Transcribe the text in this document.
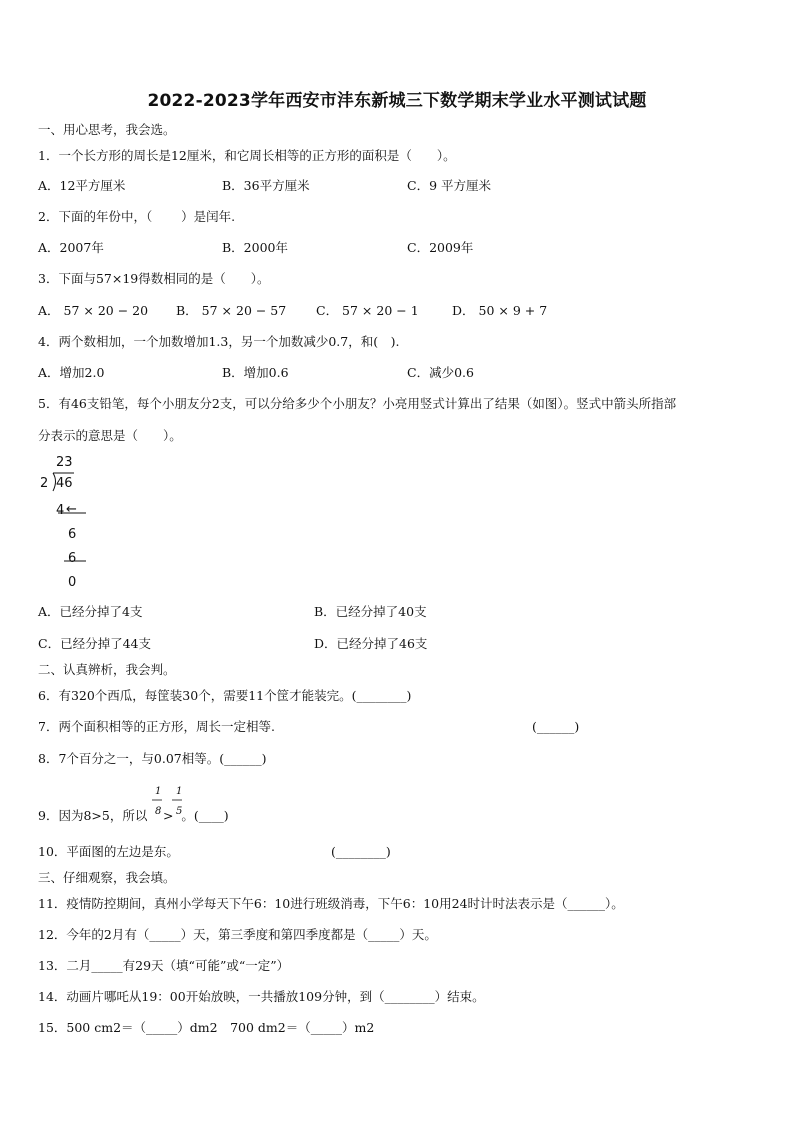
2022-2023学年西安市沣东新城三下数学期末学业水平测试试题
一、用心思考，我会选。
1．一个长方形的周长是12厘米，和它周长相等的正方形的面积是（　　）。
A．12平方厘米	B．36平方厘米	C．9 平方厘米
2．下面的年份中，（　　 ）是闰年.
A．2007年	B．2000年	C．2009年
3．下面与57×19得数相同的是（　　）。
A． 57 × 20 − 20 B． 57 × 20 − 57 C． 57 × 20 − 1	D． 50 × 9 + 7
4．两个数相加，一个加数增加1.3，另一个加数减少0.7，和(　).
A．增加2.0	B．增加0.6	C．减少0.6
5．有46支铅笔，每个小朋友分2支，可以分给多少个小朋友？小亮用竖式计算出了结果（如图）。竖式中箭头所指部
分表示的意思是（　　）。
23
2 46
4 ←
6
6
0
A．已经分掉了4支	B．已经分掉了40支
C．已经分掉了44支	D．已经分掉了46支
二、认真辨析，我会判。
6．有320个西瓜，每筐装30个，需要11个筐才能装完。(________)
7．两个面积相等的正方形，周长一定相等.	(______)
8．7个百分之一，与0.07相等。(______)
9．因为8>5，所以	。(____)
1
8 >
1
5
10．平面图的左边是东。	(________)
三、仔细观察，我会填。
11．疫情防控期间，真州小学每天下午6：10进行班级消毒，下午6：10用24时计时法表示是（______）。
12．今年的2月有（_____）天，第三季度和第四季度都是（_____）天。
13．二月_____有29天（填“可能”或“一定”）
14．动画片哪吒从19：00开始放映，一共播放109分钟，到（________）结束。
15．500 cm2＝（_____）dm2　700 dm2＝（_____）m2
